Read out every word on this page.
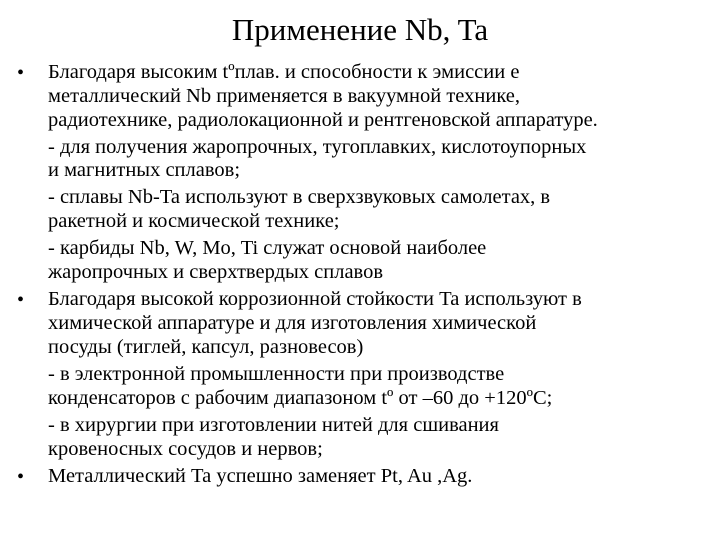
Применение Nb, Ta
• Благодаря высоким tºплав. и способности к эмиссии е
металлический Nb применяется в вакуумной технике,
радиотехнике, радиолокационной и рентгеновской аппаратуре.
- для получения жаропрочных, тугоплавких, кислотоупорных
и магнитных сплавов;
- сплавы Nb-Ta используют в сверхзвуковых самолетах, в
ракетной и космической технике;
- карбиды Nb, W, Mo, Ti служат основой наиболее
жаропрочных и сверхтвердых сплавов
• Благодаря высокой коррозионной стойкости Ta используют в
химической аппаратуре и для изготовления химической
посуды (тиглей, капсул, разновесов)
- в электронной промышленности при производстве
конденсаторов с рабочим диапазоном tº от –60 до +120ºС;
- в хирургии при изготовлении нитей для сшивания
кровеносных сосудов и нервов;
• Металлический Ta успешно заменяет Pt, Au ,Ag.
